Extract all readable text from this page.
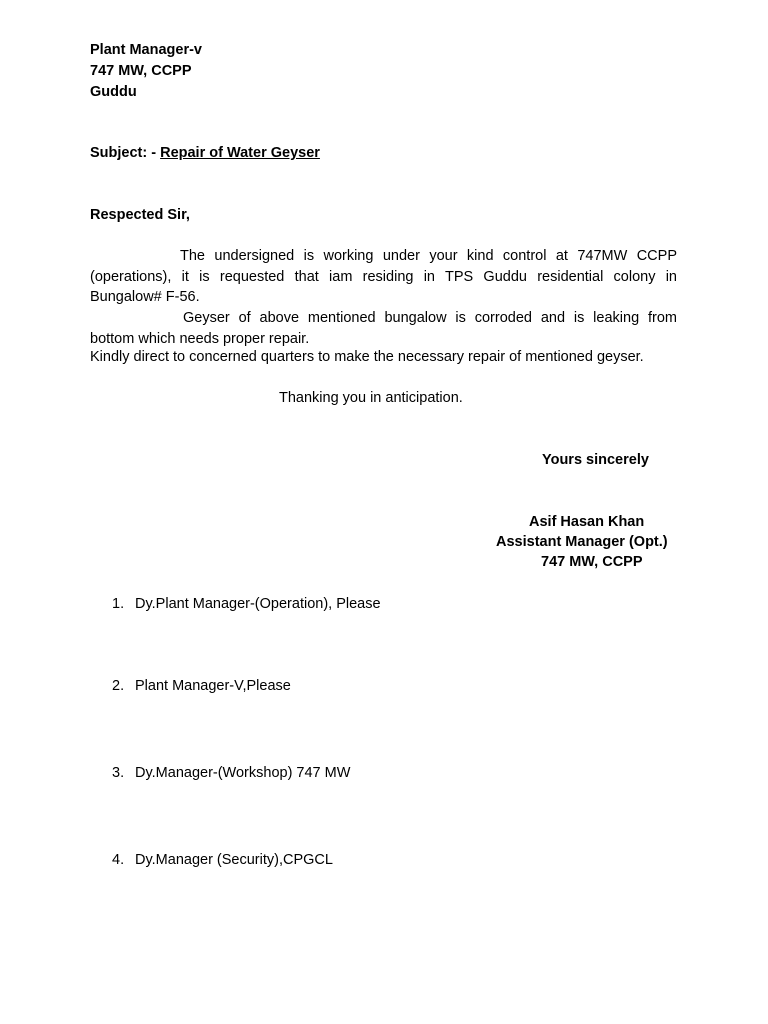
Plant Manager-v
747 MW, CCPP
Guddu
Subject: - Repair of Water Geyser
Respected Sir,
The undersigned is working under your kind control at 747MW CCPP
(operations), it is requested that iam residing in TPS Guddu residential colony in
Bungalow# F-56.
Geyser of above mentioned bungalow is corroded and is leaking from
bottom which needs proper repair.
Kindly direct to concerned quarters to make the necessary repair of mentioned geyser.
Thanking you in anticipation.
Yours sincerely
Asif Hasan Khan
Assistant Manager (Opt.)
747 MW, CCPP
1. Dy.Plant Manager-(Operation), Please
2. Plant Manager-V,Please
3. Dy.Manager-(Workshop) 747 MW
4. Dy.Manager (Security),CPGCL
